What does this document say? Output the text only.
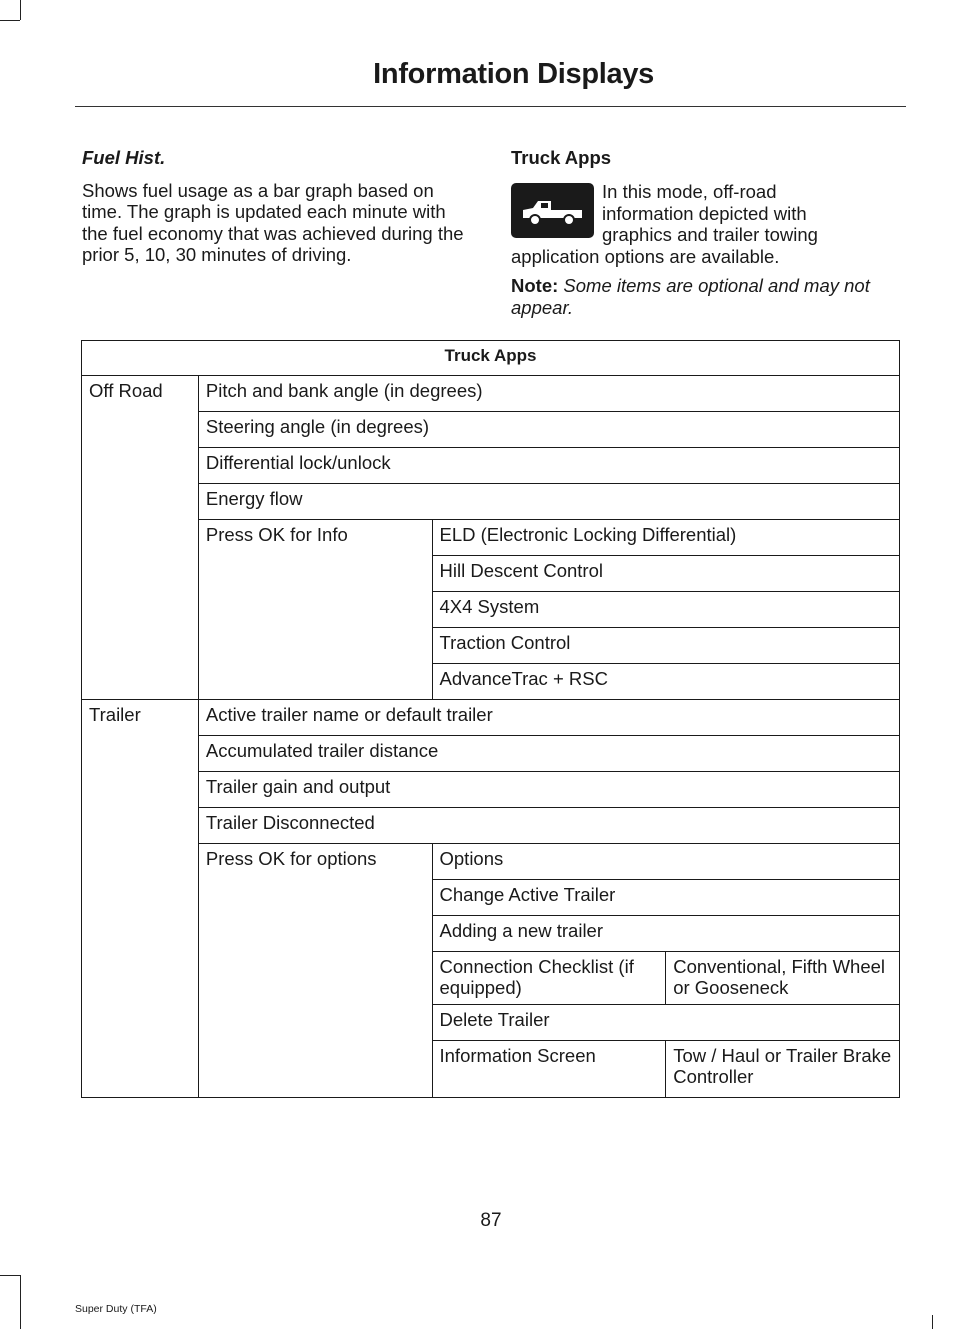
Information Displays
Fuel Hist.
Shows fuel usage as a bar graph based on time. The graph is updated each minute with the fuel economy that was achieved during the prior 5, 10, 30 minutes of driving.
Truck Apps
In this mode, off-road information depicted with graphics and trailer towing application options are available.
Note: Some items are optional and may not appear.
Truck Apps			
Off Road	Pitch and bank angle (in degrees)		
	Steering angle (in degrees)		
	Differential lock/unlock		
	Energy flow		
	Press OK for Info	ELD (Electronic Locking Differential)	
		Hill Descent Control	
		4X4 System	
		Traction Control	
		AdvanceTrac + RSC	
Trailer	Active trailer name or default trailer		
	Accumulated trailer distance		
	Trailer gain and output		
	Trailer Disconnected		
	Press OK for options	Options	
		Change Active Trailer	
		Adding a new trailer	
		Connection Checklist (if equipped)	Conventional, Fifth Wheel or Gooseneck
		Delete Trailer	
		Information Screen	Tow / Haul or Trailer Brake Controller
87
Super Duty (TFA)
